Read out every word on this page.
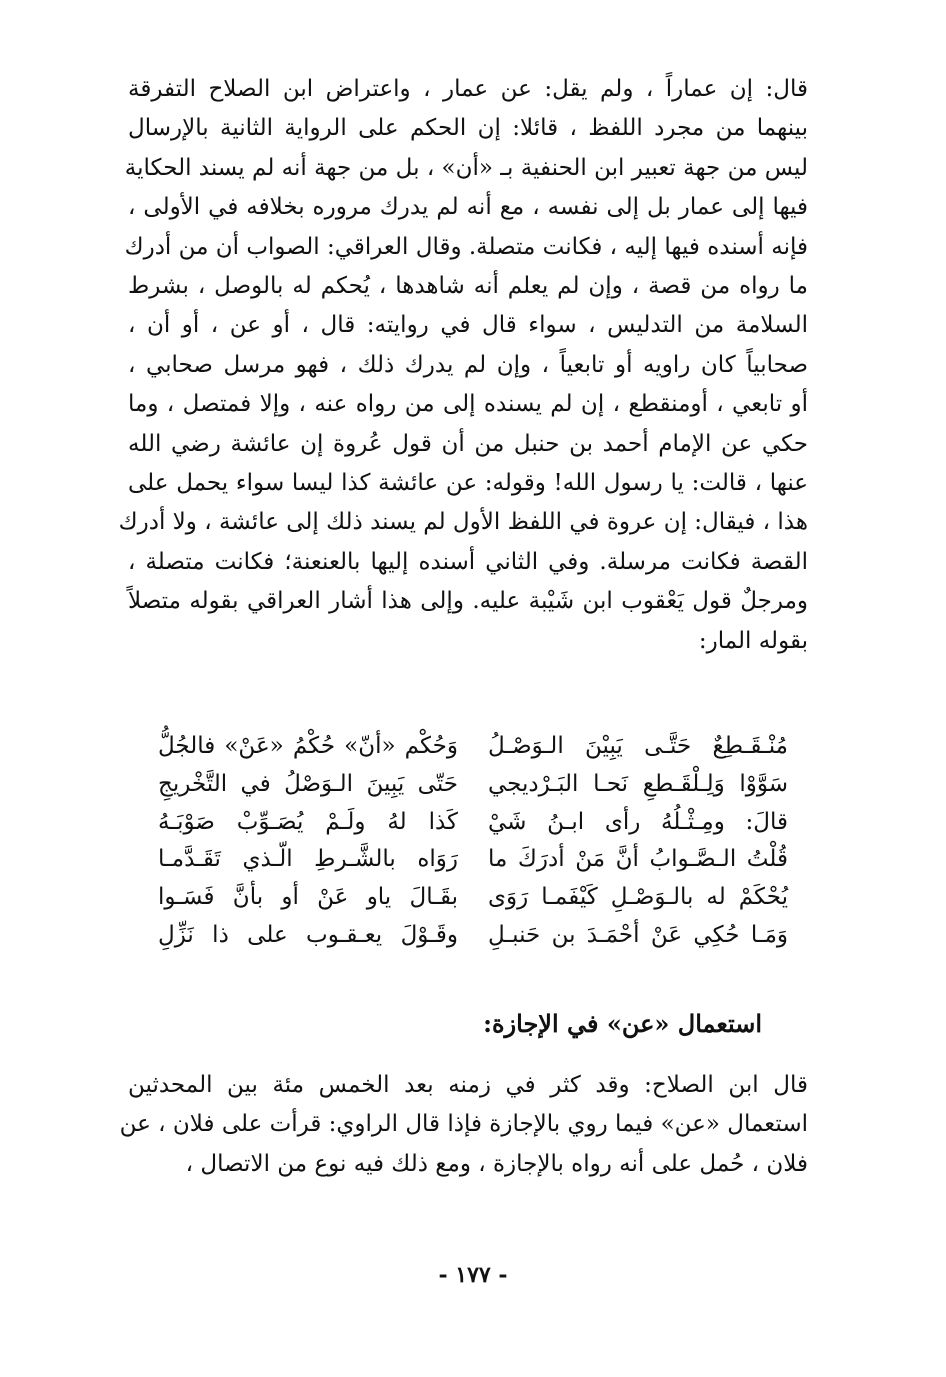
قال: إن عماراً ، ولم يقل: عن عمار ، واعتراض ابن الصلاح التفرقة
بينهما من مجرد اللفظ ، قائلا: إن الحكم على الرواية الثانية بالإرسال
ليس من جهة تعبير ابن الحنفية بـ «أن» ، بل من جهة أنه لم يسند الحكاية
فيها إلى عمار بل إلى نفسه ، مع أنه لم يدرك مروره بخلافه في الأولى ،
فإنه أسنده فيها إليه ، فكانت متصلة. وقال العراقي: الصواب أن من أدرك
ما رواه من قصة ، وإن لم يعلم أنه شاهدها ، يُحكم له بالوصل ، بشرط
السلامة من التدليس ، سواء قال في روايته: قال ، أو عن ، أو أن ،
صحابياً كان راويه أو تابعياً ، وإن لم يدرك ذلك ، فهو مرسل صحابي ،
أو تابعي ، أومنقطع ، إن لم يسنده إلى من رواه عنه ، وإلا فمتصل ، وما
حكي عن الإمام أحمد بن حنبل من أن قول عُروة إن عائشة رضي الله
عنها ، قالت: يا رسول الله! وقوله: عن عائشة كذا ليسا سواء يحمل على
هذا ، فيقال: إن عروة في اللفظ الأول لم يسند ذلك إلى عائشة ، ولا أدرك
القصة فكانت مرسلة. وفي الثاني أسنده إليها بالعنعنة؛ فكانت متصلة ،
ومرجلٌ قول يَعْقوب ابن شَيْبة عليه. وإلى هذا أشار العراقي بقوله متصلاً
بقوله المار:
مُنْـقَـطِعٌ حَتَّـى يَبِيْنَ الـوَصْـلُ
وَحُكْم «أنّ» حُكْمُ «عَنْ» فالجُلُّ
سَوَّوْا وَلِـلْقَـطعِ نَحـا البَـرْديجي
حَتّى يَبِينَ الـوَصْلُ في التَّخْريجِ
قالَ: ومِـثْـلُهُ رأى ابـنُ شَيْ
كَذا لهُ ولَـمْ يُصَـوِّبْ صَوْبَـهُ
قُلْتُ الـصَّـوابُ أنَّ مَنْ أدرَكَ ما
رَوَاه بالشَّـرطِ الّـذي تَقَـدَّمـا
يُحْكَمْ له بالـوَصْـلِ كَيْفَمـا رَوَى
بقَـالَ ياو عَنْ أو بأنَّ فَسَـوا
وَمَـا حُكِي عَنْ أحْمَـدَ بن حَنبـلِ
وقَـوْلَ يعـقـوب على ذا نَزِّلِ
استعمال «عن» في الإجازة:
قال ابن الصلاح: وقد كثر في زمنه بعد الخمس مئة بين المحدثين
استعمال «عن» فيما روي بالإجازة فإذا قال الراوي: قرأت على فلان ، عن
فلان ، حُمل على أنه رواه بالإجازة ، ومع ذلك فيه نوع من الاتصال ،
- ١٧٧ -
